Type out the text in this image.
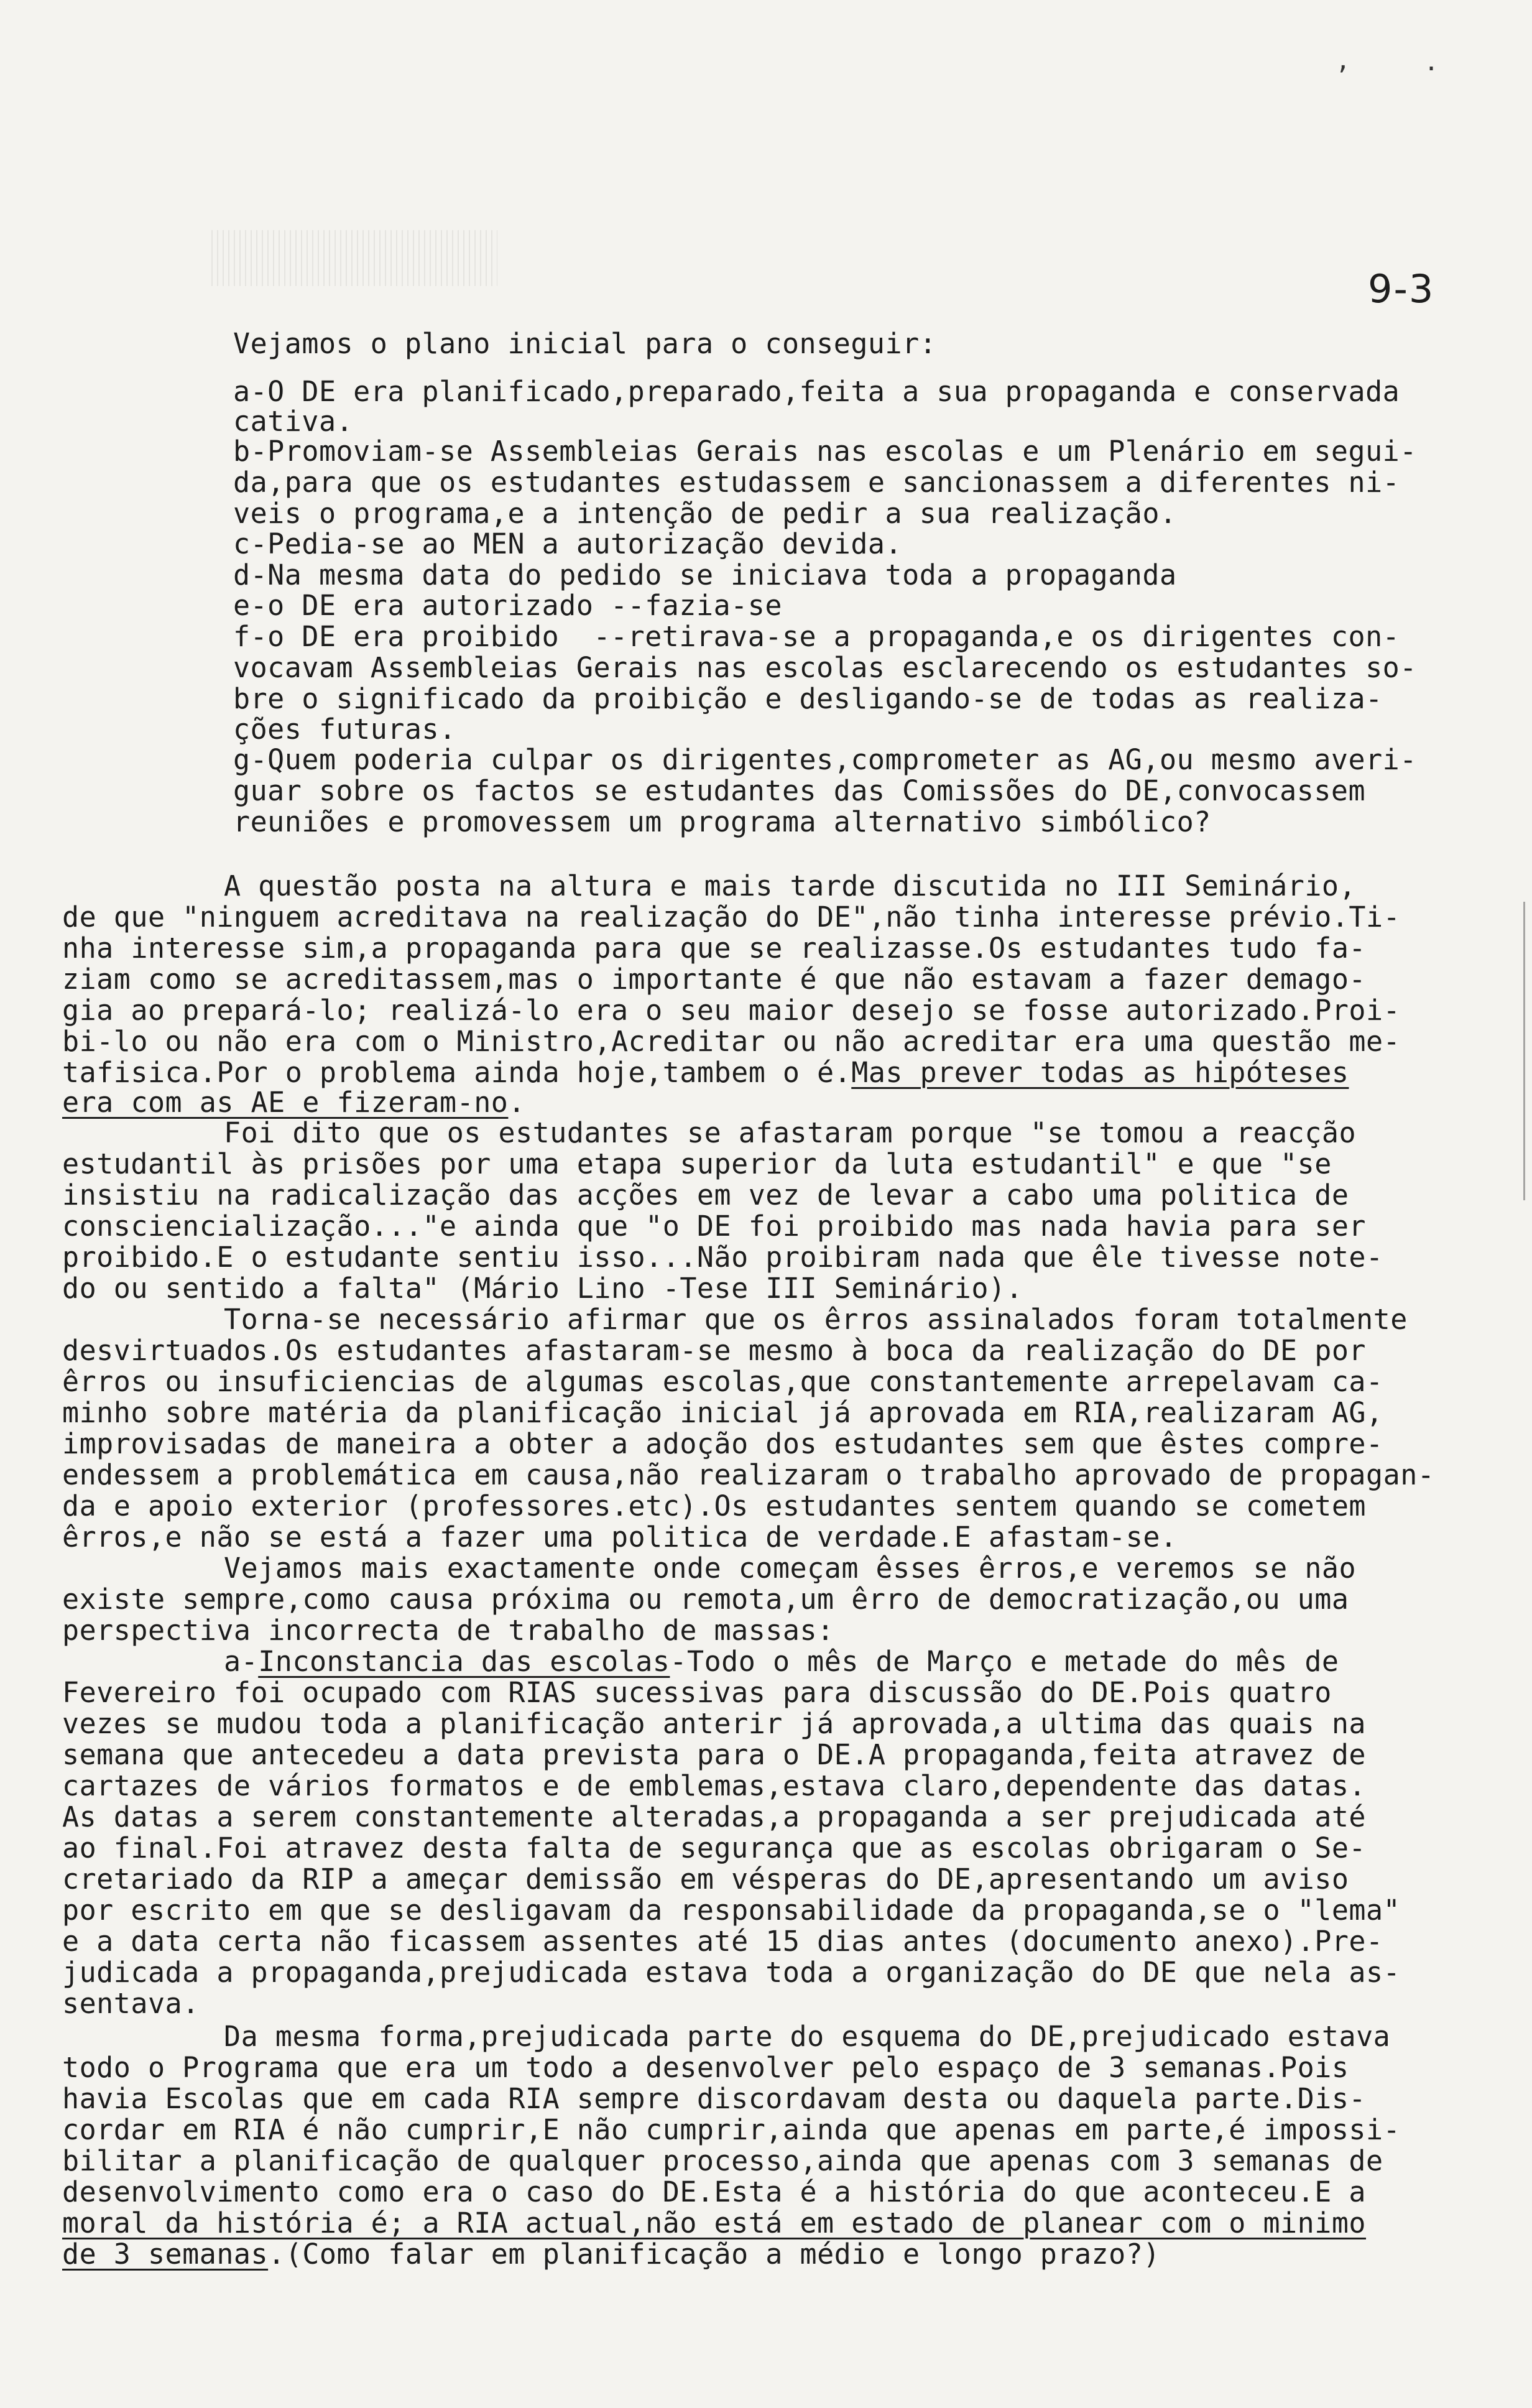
,	·
9-3
Vejamos o plano inicial para o conseguir:
a-O DE era planificado,preparado,feita a sua propaganda e conservada
cativa.
b-Promoviam-se Assembleias Gerais nas escolas e um Plenário em segui-
da,para que os estudantes estudassem e sancionassem a diferentes ni-
veis o programa,e a intenção de pedir a sua realização.
c-Pedia-se ao MEN a autorização devida.
d-Na mesma data do pedido se iniciava toda a propaganda
e-o DE era autorizado --fazia-se
f-o DE era proibido  --retirava-se a propaganda,e os dirigentes con-
vocavam Assembleias Gerais nas escolas esclarecendo os estudantes so-
bre o significado da proibição e desligando-se de todas as realiza-
ções futuras.
g-Quem poderia culpar os dirigentes,comprometer as AG,ou mesmo averi-
guar sobre os factos se estudantes das Comissões do DE,convocassem
reuniões e promovessem um programa alternativo simbólico?
A questão posta na altura e mais tarde discutida no III Seminário,
de que "ninguem acreditava na realização do DE",não tinha interesse prévio.Ti-
nha interesse sim,a propaganda para que se realizasse.Os estudantes tudo fa-
ziam como se acreditassem,mas o importante é que não estavam a fazer demago-
gia ao prepará-lo; realizá-lo era o seu maior desejo se fosse autorizado.Proi-
bi-lo ou não era com o Ministro,Acreditar ou não acreditar era uma questão me-
tafisica.Por o problema ainda hoje,tambem o é.Mas prever todas as hipóteses
era com as AE e fizeram-no.
Foi dito que os estudantes se afastaram porque "se tomou a reacção
estudantil às prisões por uma etapa superior da luta estudantil" e que "se
insistiu na radicalização das acções em vez de levar a cabo uma politica de
consciencialização..."e ainda que "o DE foi proibido mas nada havia para ser
proibido.E o estudante sentiu isso...Não proibiram nada que êle tivesse note-
do ou sentido a falta" (Mário Lino -Tese III Seminário).
Torna-se necessário afirmar que os êrros assinalados foram totalmente
desvirtuados.Os estudantes afastaram-se mesmo à boca da realização do DE por
êrros ou insuficiencias de algumas escolas,que constantemente arrepelavam ca-
minho sobre matéria da planificação inicial já aprovada em RIA,realizaram AG,
improvisadas de maneira a obter a adoção dos estudantes sem que êstes compre-
endessem a problemática em causa,não realizaram o trabalho aprovado de propagan-
da e apoio exterior (professores.etc).Os estudantes sentem quando se cometem
êrros,e não se está a fazer uma politica de verdade.E afastam-se.
Vejamos mais exactamente onde começam êsses êrros,e veremos se não
existe sempre,como causa próxima ou remota,um êrro de democratização,ou uma
perspectiva incorrecta de trabalho de massas:
a-Inconstancia das escolas-Todo o mês de Março e metade do mês de
Fevereiro foi ocupado com RIAS sucessivas para discussão do DE.Pois quatro
vezes se mudou toda a planificação anterir já aprovada,a ultima das quais na
semana que antecedeu a data prevista para o DE.A propaganda,feita atravez de
cartazes de vários formatos e de emblemas,estava claro,dependente das datas.
As datas a serem constantemente alteradas,a propaganda a ser prejudicada até
ao final.Foi atravez desta falta de segurança que as escolas obrigaram o Se-
cretariado da RIP a ameçar demissão em vésperas do DE,apresentando um aviso
por escrito em que se desligavam da responsabilidade da propaganda,se o "lema"
e a data certa não ficassem assentes até 15 dias antes (documento anexo).Pre-
judicada a propaganda,prejudicada estava toda a organização do DE que nela as-
sentava.
Da mesma forma,prejudicada parte do esquema do DE,prejudicado estava
todo o Programa que era um todo a desenvolver pelo espaço de 3 semanas.Pois
havia Escolas que em cada RIA sempre discordavam desta ou daquela parte.Dis-
cordar em RIA é não cumprir,E não cumprir,ainda que apenas em parte,é impossi-
bilitar a planificação de qualquer processo,ainda que apenas com 3 semanas de
desenvolvimento como era o caso do DE.Esta é a história do que aconteceu.E a
moral da história é; a RIA actual,não está em estado de planear com o minimo
de 3 semanas.(Como falar em planificação a médio e longo prazo?)
